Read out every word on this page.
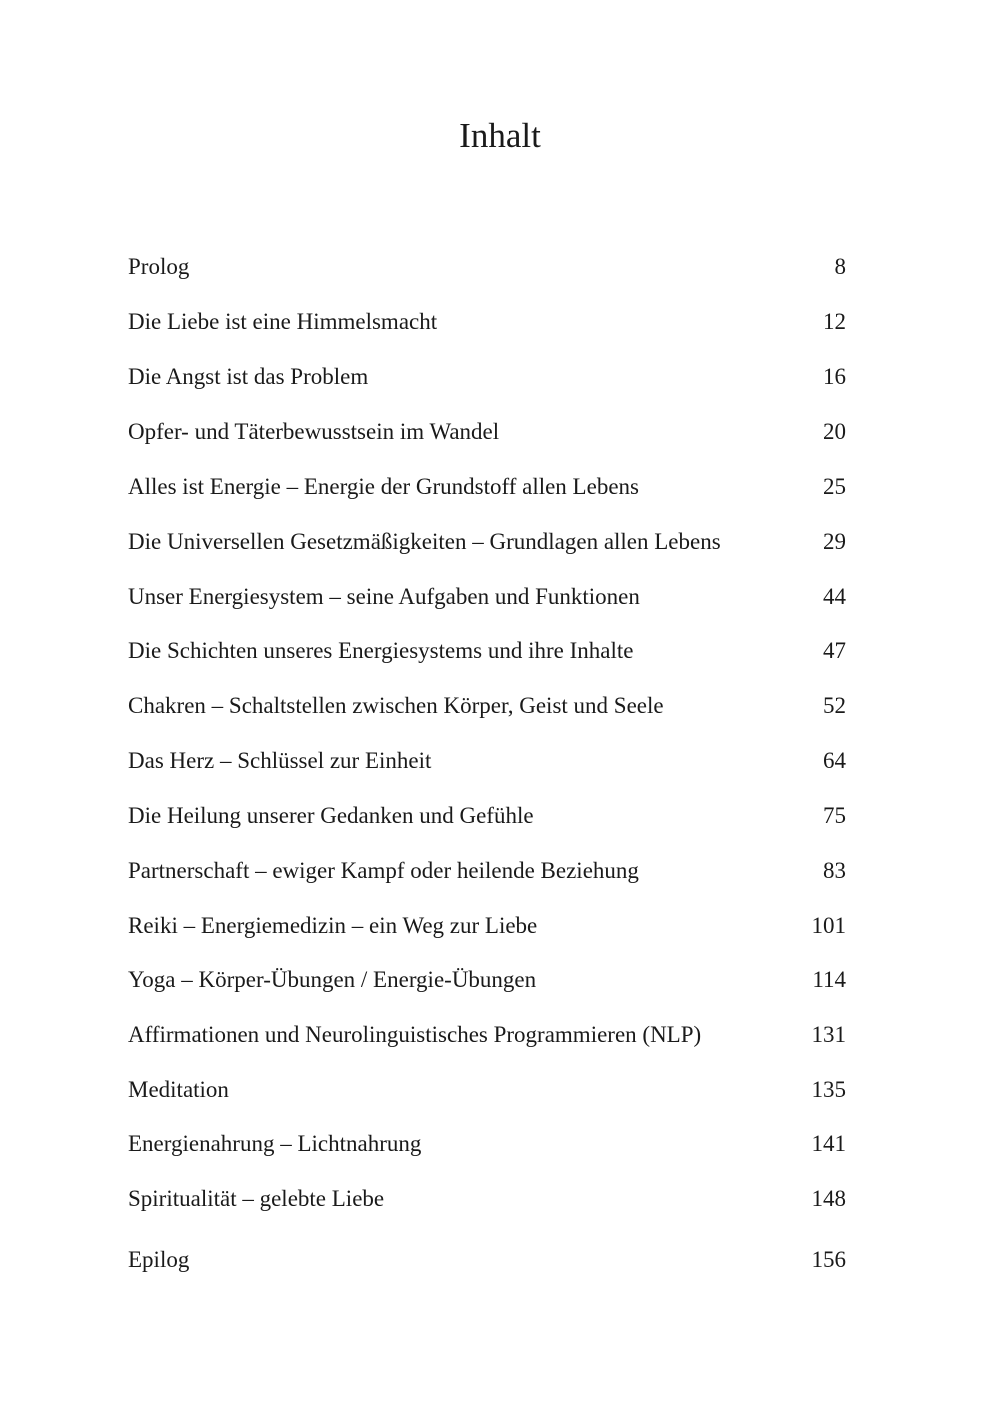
Inhalt
Prolog	8
Die Liebe ist eine Himmelsmacht	12
Die Angst ist das Problem	16
Opfer- und Täterbewusstsein im Wandel	20
Alles ist Energie – Energie der Grundstoff allen Lebens	25
Die Universellen Gesetzmäßigkeiten – Grundlagen allen Lebens	29
Unser Energiesystem – seine Aufgaben und Funktionen	44
Die Schichten unseres Energiesystems und ihre Inhalte	47
Chakren – Schaltstellen zwischen Körper, Geist und Seele	52
Das Herz – Schlüssel zur Einheit	64
Die Heilung unserer Gedanken und Gefühle	75
Partnerschaft – ewiger Kampf oder heilende Beziehung	83
Reiki – Energiemedizin – ein Weg zur Liebe	101
Yoga – Körper-Übungen / Energie-Übungen	114
Affirmationen und Neurolinguistisches Programmieren (NLP)	131
Meditation	135
Energienahrung – Lichtnahrung	141
Spiritualität – gelebte Liebe	148
Epilog	156
